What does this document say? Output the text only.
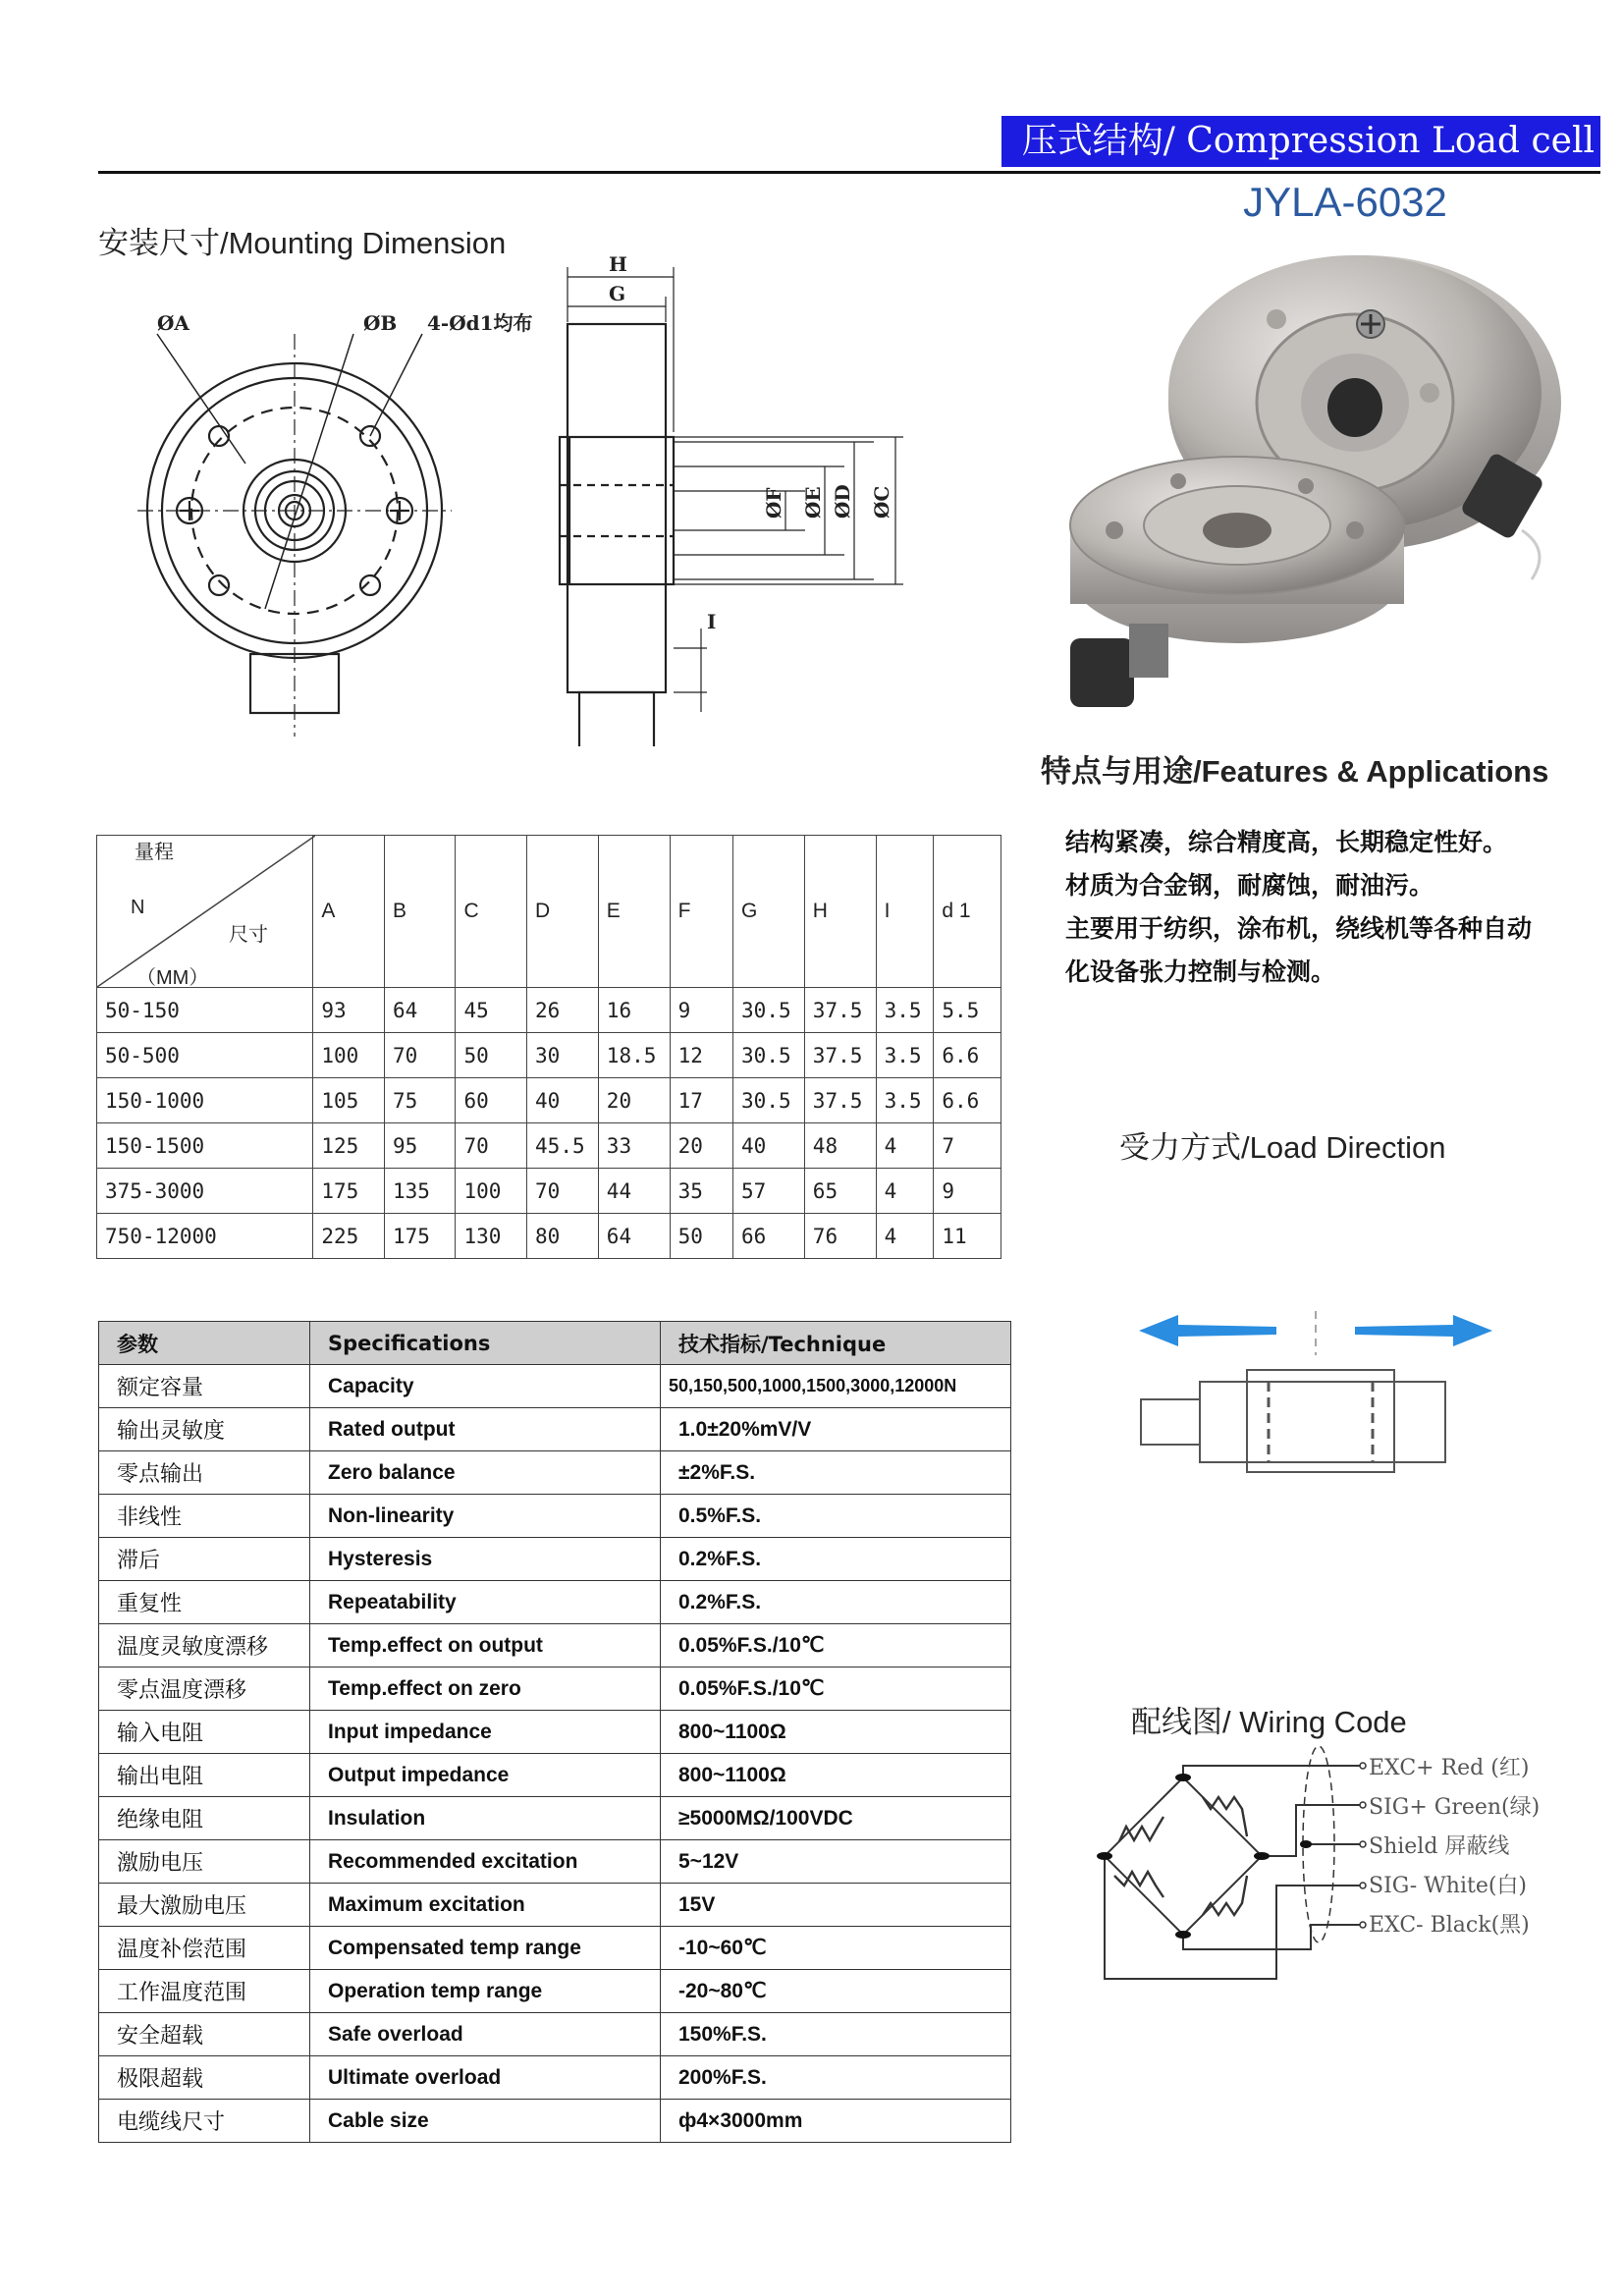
压式结构/ Compression Load cell
JYLA-6032
安装尺寸/Mounting Dimension
ØA	ØB 4-Ød1均布
H
G
I
ØF ØE ØD ØC
特点与用途/Features & Applications
结构紧凑，综合精度高，长期稳定性好。
材质为合金钢，耐腐蚀，耐油污。
主要用于纺织，涂布机，绕线机等各种自动
化设备张力控制与检测。
量程
N
尺寸
（MM）	A	B	C	D	E	F	G	H	I	d 1
50-150	93	64	45	26	16	9	30.5	37.5	3.5	5.5
50-500	100	70	50	30	18.5	12	30.5	37.5	3.5	6.6
150-1000	105	75	60	40	20	17	30.5	37.5	3.5	6.6
150-1500	125	95	70	45.5	33	20	40	48	4	7
375-3000	175	135	100	70	44	35	57	65	4	9
750-12000	225	175	130	80	64	50	66	76	4	11
参数	Specifications	技术指标/Technique
额定容量	Capacity	50,150,500,1000,1500,3000,12000N
输出灵敏度	Rated output	1.0±20%mV/V
零点输出	Zero balance	±2%F.S.
非线性	Non-linearity	0.5%F.S.
滞后	Hysteresis	0.2%F.S.
重复性	Repeatability	0.2%F.S.
温度灵敏度漂移	Temp.effect on output	0.05%F.S./10℃
零点温度漂移	Temp.effect on zero	0.05%F.S./10℃
输入电阻	Input impedance	800~1100Ω
输出电阻	Output impedance	800~1100Ω
绝缘电阻	Insulation	≥5000MΩ/100VDC
激励电压	Recommended excitation	5~12V
最大激励电压	Maximum excitation	15V
温度补偿范围	Compensated temp range	-10~60℃
工作温度范围	Operation temp range	-20~80℃
安全超载	Safe overload	150%F.S.
极限超载	Ultimate overload	200%F.S.
电缆线尺寸	Cable size	ф4×3000mm
受力方式/Load Direction
配线图/ Wiring Code
EXC+ Red (红)
SIG+ Green(绿)
Shield 屏蔽线
SIG- White(白)
EXC- Black(黑)
